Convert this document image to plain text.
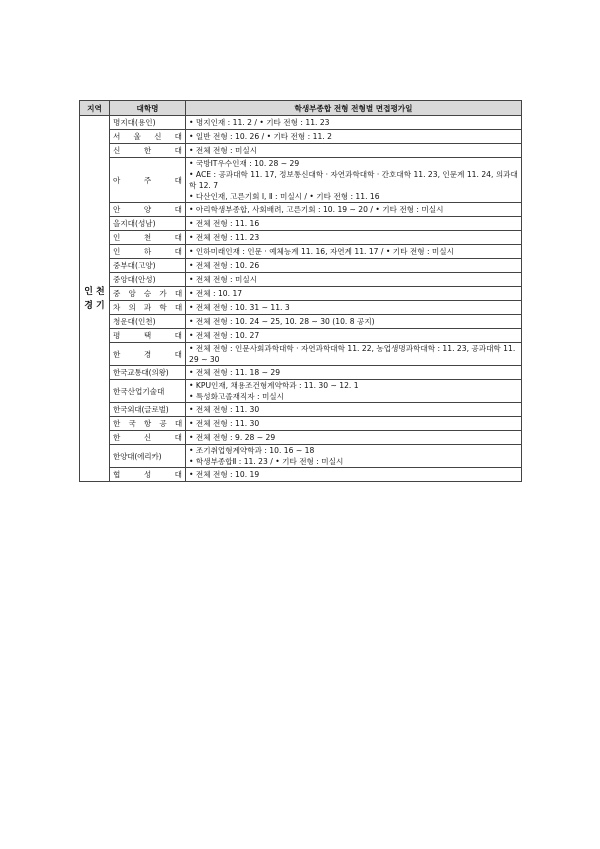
지역	대학명	학생부종합 전형 전형별 면접평가일

인 천
경 기	명지대(용인)	• 명지인재 : 11. 2 / • 기타 전형 : 11. 23

	서 울 신 대	• 일반 전형 : 10. 26 / • 기타 전형 : 11. 2

	신 한 대	• 전체 전형 : 미실시

	아 주 대	• 국방IT우수인재 : 10. 28 ~ 29
• ACE : 공과대학 11. 17, 정보통신대학 · 자연과학대학 · 간호대학 11. 23, 인문계 11. 24, 의과대학 12. 7
• 다산인재, 고른기회 Ⅰ, Ⅱ : 미실시 / • 기타 전형 : 11. 16

	안 양 대	• 아리학생부종합, 사회배려, 고른기회 : 10. 19 ~ 20 / • 기타 전형 : 미실시

	을지대(성남)	• 전체 전형 : 11. 16

	인 천 대	• 전체 전형 : 11. 23

	인 하 대	• 인하미래인재 : 인문 · 예체능계 11. 16, 자연계 11. 17 / • 기타 전형 : 미실시

	중부대(고양)	• 전체 전형 : 10. 26

	중앙대(안성)	• 전체 전형 : 미실시

	중 앙 승 가 대	• 전체 : 10. 17

	차 의 과 학 대	• 전체 전형 : 10. 31 ~ 11. 3

	청운대(인천)	• 전체 전형 : 10. 24 ~ 25, 10. 28 ~ 30 (10. 8 공지)

	평 택 대	• 전체 전형 : 10. 27

	한 경 대	• 전체 전형 : 인문사회과학대학 · 자연과학대학 11. 22, 농업생명과학대학 : 11. 23, 공과대학 11. 29 ~ 30

	한국교통대(의왕)	• 전체 전형 : 11. 18 ~ 29

	한국산업기술대	• KPU인재, 채용조건형계약학과 : 11. 30 ~ 12. 1
• 특성화고졸재직자 : 미실시

	한국외대(글로벌)	• 전체 전형 : 11. 30

	한 국 항 공 대	• 전체 전형 : 11. 30

	한 신 대	• 전체 전형 : 9. 28 ~ 29

	한양대(에리카)	• 조기취업형계약학과 : 10. 16 ~ 18
• 학생부종합Ⅱ : 11. 23 / • 기타 전형 : 미실시

	협 성 대	• 전체 전형 : 10. 19
